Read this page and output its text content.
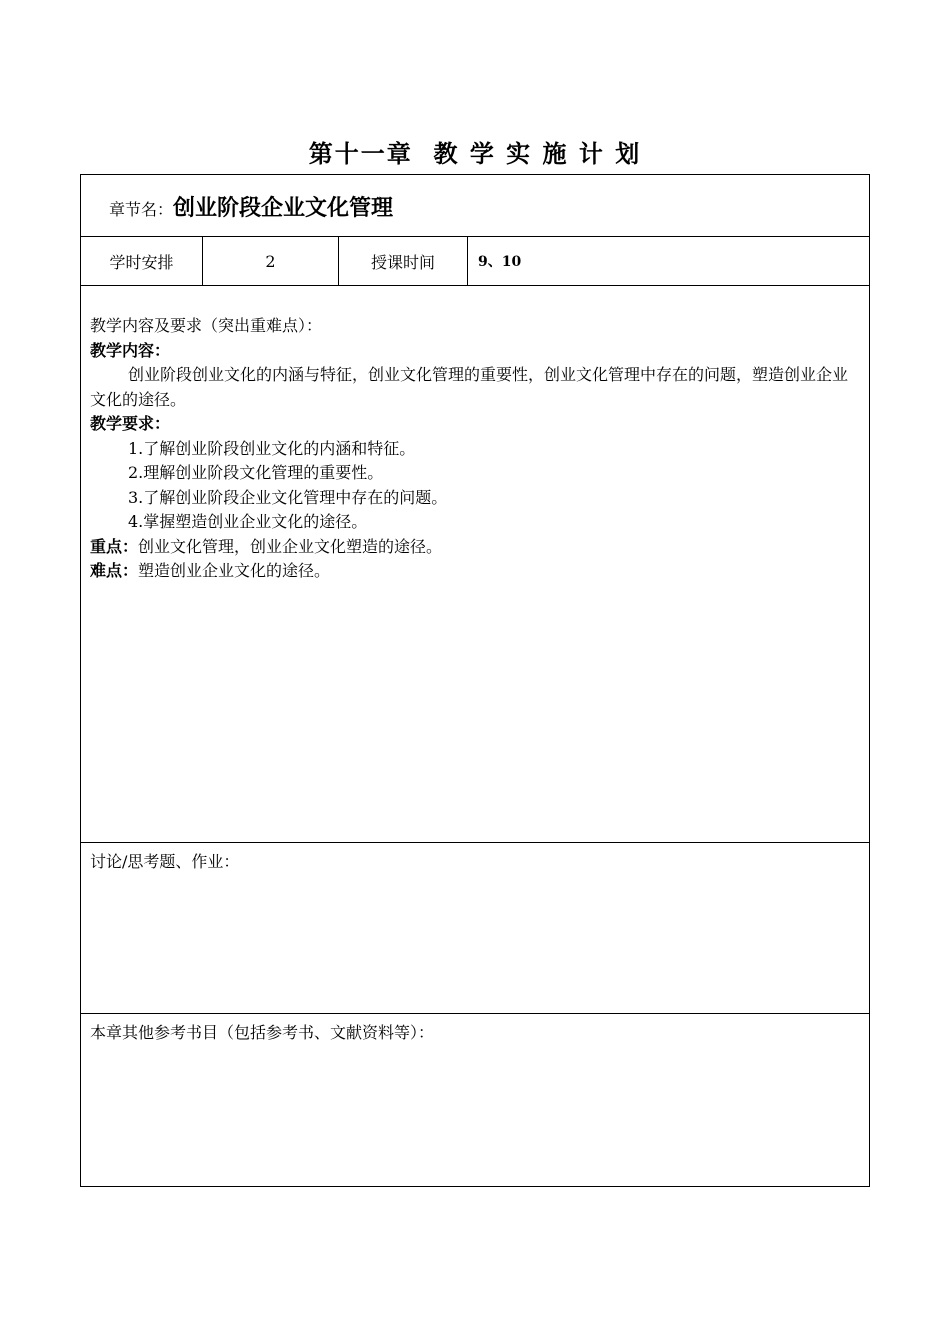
第十一章  教 学 实 施 计 划
章节名：创业阶段企业文化管理
学时安排	2	授课时间	9、10

教学内容及要求（突出重难点）：

教学内容：

创业阶段创业文化的内涵与特征，创业文化管理的重要性，创业文化管理中存在的问题，塑造创业企业文化的途径。

教学要求：

1.了解创业阶段创业文化的内涵和特征。

2.理解创业阶段文化管理的重要性。

3.了解创业阶段企业文化管理中存在的问题。

4.掌握塑造创业企业文化的途径。

重点：创业文化管理，创业企业文化塑造的途径。

难点：塑造创业企业文化的途径。

讨论/思考题、作业：
本章其他参考书目（包括参考书、文献资料等）：
